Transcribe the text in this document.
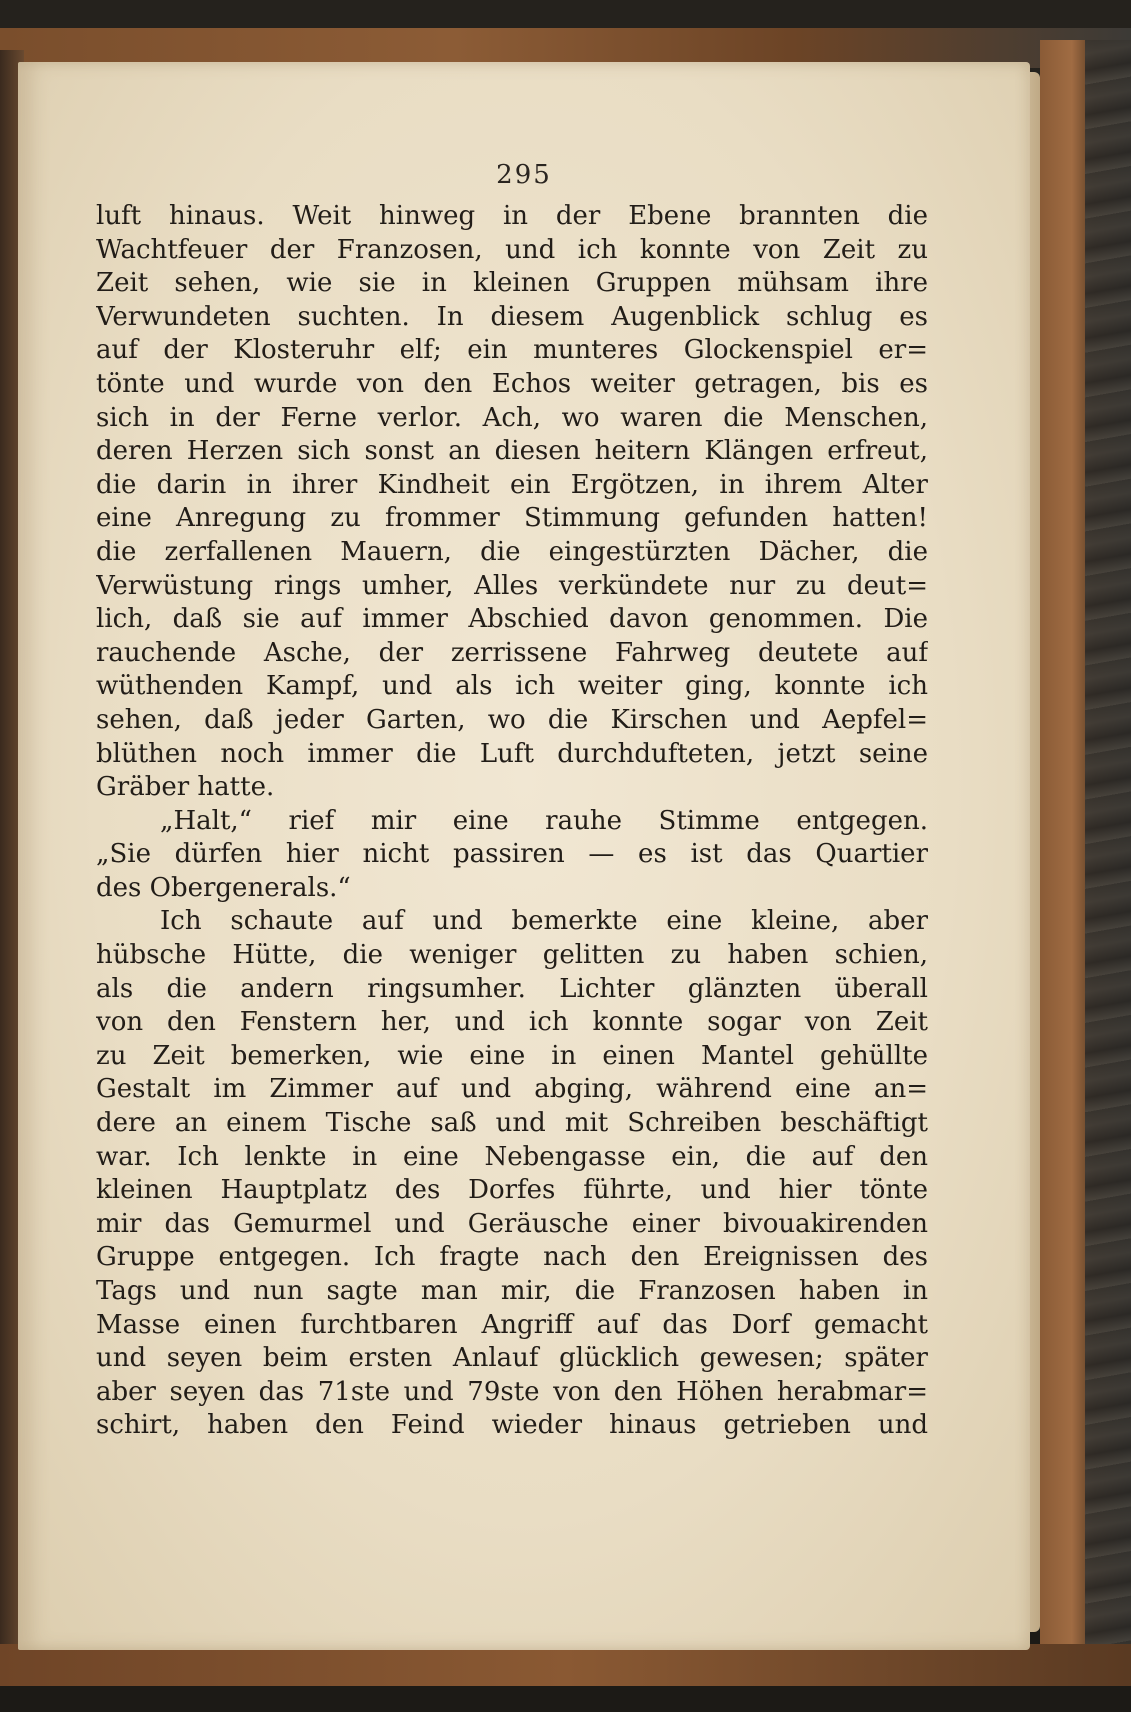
295
luft hinaus. Weit hinweg in der Ebene brannten die
Wachtfeuer der Franzosen, und ich konnte von Zeit zu
Zeit sehen, wie sie in kleinen Gruppen mühsam ihre
Verwundeten suchten. In diesem Augenblick schlug es
auf der Klosteruhr elf; ein munteres Glockenspiel er=
tönte und wurde von den Echos weiter getragen, bis es
sich in der Ferne verlor. Ach, wo waren die Menschen,
deren Herzen sich sonst an diesen heitern Klängen erfreut,
die darin in ihrer Kindheit ein Ergötzen, in ihrem Alter
eine Anregung zu frommer Stimmung gefunden hatten!
die zerfallenen Mauern, die eingestürzten Dächer, die
Verwüstung rings umher, Alles verkündete nur zu deut=
lich, daß sie auf immer Abschied davon genommen. Die
rauchende Asche, der zerrissene Fahrweg deutete auf
wüthenden Kampf, und als ich weiter ging, konnte ich
sehen, daß jeder Garten, wo die Kirschen und Aepfel=
blüthen noch immer die Luft durchdufteten, jetzt seine
Gräber hatte.
„Halt,“ rief mir eine rauhe Stimme entgegen.
„Sie dürfen hier nicht passiren — es ist das Quartier
des Obergenerals.“
Ich schaute auf und bemerkte eine kleine, aber
hübsche Hütte, die weniger gelitten zu haben schien,
als die andern ringsumher. Lichter glänzten überall
von den Fenstern her, und ich konnte sogar von Zeit
zu Zeit bemerken, wie eine in einen Mantel gehüllte
Gestalt im Zimmer auf und abging, während eine an=
dere an einem Tische saß und mit Schreiben beschäftigt
war. Ich lenkte in eine Nebengasse ein, die auf den
kleinen Hauptplatz des Dorfes führte, und hier tönte
mir das Gemurmel und Geräusche einer bivouakirenden
Gruppe entgegen. Ich fragte nach den Ereignissen des
Tags und nun sagte man mir, die Franzosen haben in
Masse einen furchtbaren Angriff auf das Dorf gemacht
und seyen beim ersten Anlauf glücklich gewesen; später
aber seyen das 71ste und 79ste von den Höhen herabmar=
schirt, haben den Feind wieder hinaus getrieben und
